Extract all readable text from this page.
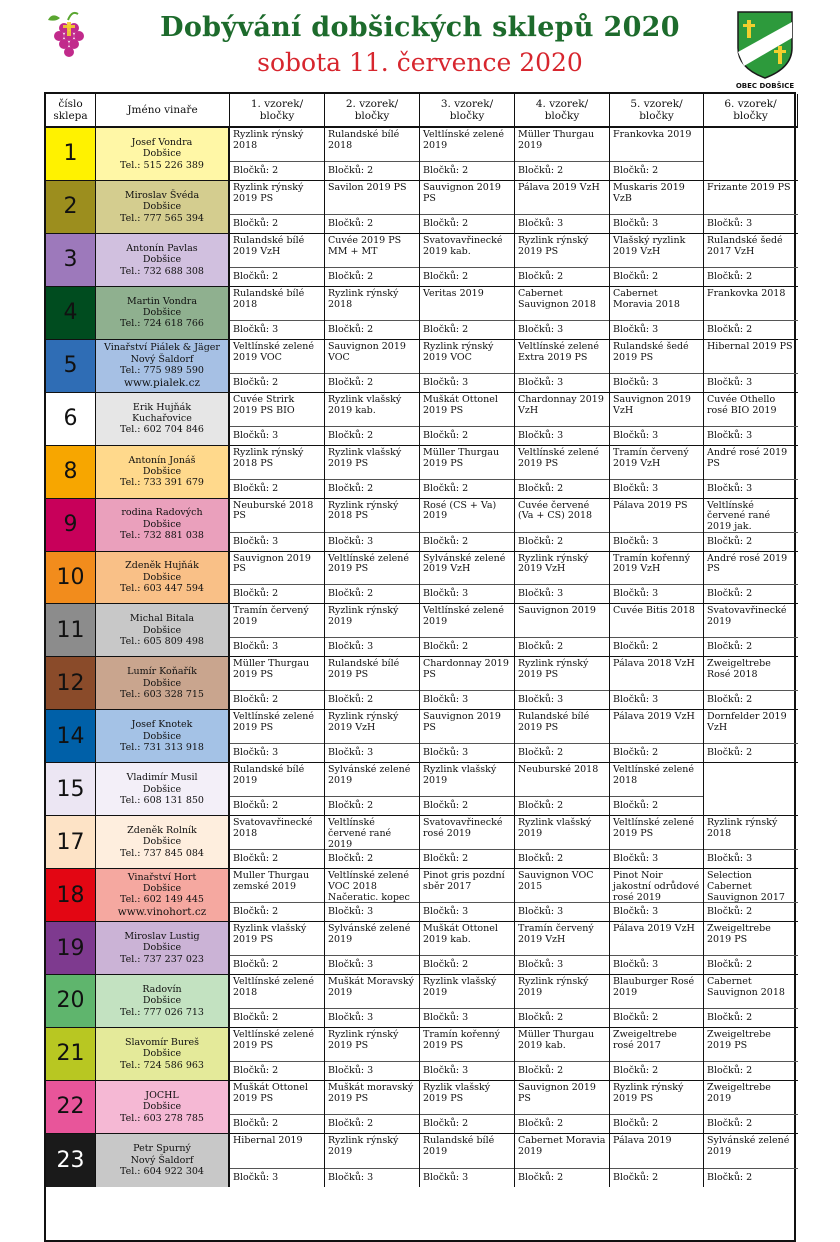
Dobývání dobšických sklepů 2020
sobota 11. července 2020
OBEC DOBŠICE
číslo sklepa
Jméno vinaře
1. vzorek/ bločky
2. vzorek/ bločky
3. vzorek/ bločky
4. vzorek/ bločky
5. vzorek/ bločky
6. vzorek/ bločky
1	Josef Vondra
Dobšice
Tel.: 515 226 389
Ryzlink rýnský 2018
Bločků: 2
Rulandské bílé 2018
Bločků: 2
Veltlínské zelené 2019
Bločků: 2
Müller Thurgau 2019
Bločků: 2
Frankovka 2019
Bločků: 2
2	Miroslav Švéda
Dobšice
Tel.: 777 565 394
Ryzlink rýnský 2019 PS
Bločků: 2
Savilon 2019 PS
Bločků: 2
Sauvignon 2019 PS
Bločků: 2
Pálava 2019 VzH
Bločků: 3
Muskaris 2019 VzB
Bločků: 3
Frizante 2019 PS
Bločků: 3
3	Antonín Pavlas
Dobšice
Tel.: 732 688 308
Rulandské bílé 2019 VzH
Bločků: 2
Cuvée 2019 PS MM + MT
Bločků: 2
Svatovavřinecké 2019 kab.
Bločků: 2
Ryzlink rýnský 2019 PS
Bločků: 2
Vlašský ryzlink 2019 VzH
Bločků: 2
Rulandské šedé 2017 VzH
Bločků: 2
4	Martin Vondra
Dobšice
Tel.: 724 618 766
Rulandské bílé 2018
Bločků: 3
Ryzlink rýnský 2018
Bločků: 2
Veritas 2019
Bločků: 2
Cabernet Sauvignon 2018
Bločků: 3
Cabernet Moravia 2018
Bločků: 3
Frankovka 2018
Bločků: 2
5
Vinařství Piálek & Jäger
Nový Šaldorf
Tel.: 775 989 590
www.pialek.cz
Veltlínské zelené 2019 VOC
Bločků: 2
Sauvignon 2019 VOC
Bločků: 2
Ryzlink rýnský 2019 VOC
Bločků: 3
Veltlínské zelené Extra 2019 PS
Bločků: 3
Rulandské šedé 2019 PS
Bločků: 3
Hibernal 2019 PS
Bločků: 3
6	Erik Hujňák
Kuchařovice
Tel.: 602 704 846
Cuvée Strirk 2019 PS BIO
Bločků: 3
Ryzlink vlašský 2019 kab.
Bločků: 2
Muškát Ottonel 2019 PS
Bločků: 2
Chardonnay 2019 VzH
Bločků: 3
Sauvignon 2019 VzH
Bločků: 3
Cuvée Othello rosé BIO 2019
Bločků: 3
8	Antonín Jonáš
Dobšice
Tel.: 733 391 679
Ryzlink rýnský 2018 PS
Bločků: 2
Ryzlink vlašský 2019 PS
Bločků: 2
Müller Thurgau 2019 PS
Bločků: 2
Veltlínské zelené 2019 PS
Bločků: 2
Tramín červený 2019 VzH
Bločků: 3
André rosé 2019 PS
Bločků: 3
9	rodina Radových
Dobšice
Tel.: 732 881 038
Neuburské 2018 PS
Bločků: 3
Ryzlink rýnský 2018 PS
Bločků: 3
Rosé (CS + Va) 2019
Bločků: 2
Cuvée červené (Va + CS) 2018
Bločků: 2
Pálava 2019 PS
Bločků: 3
Veltlínské červené rané 2019 jak.
Bločků: 2
10	Zdeněk Hujňák
Dobšice
Tel.: 603 447 594
Sauvignon 2019 PS
Bločků: 2
Veltlínské zelené 2019 PS
Bločků: 2
Sylvánské zelené 2019 VzH
Bločků: 3
Ryzlink rýnský 2019 VzH
Bločků: 3
Tramín kořenný 2019 VzH
Bločků: 3
André rosé 2019 PS
Bločků: 2
11	Michal Bitala
Dobšice
Tel.: 605 809 498
Tramín červený 2019
Bločků: 3
Ryzlink rýnský 2019
Bločků: 3
Veltlínské zelené 2019
Bločků: 2
Sauvignon 2019
Bločků: 2
Cuvée Bitis 2018
Bločků: 2
Svatovavřinecké 2019
Bločků: 2
12	Lumír Koňařík
Dobšice
Tel.: 603 328 715
Müller Thurgau 2019 PS
Bločků: 2
Rulandské bílé 2019 PS
Bločků: 2
Chardonnay 2019 PS
Bločků: 3
Ryzlink rýnský 2019 PS
Bločků: 3
Pálava 2018 VzH
Bločků: 3
Zweigeltrebe Rosé 2018
Bločků: 2
14	Josef Knotek
Dobšice
Tel.: 731 313 918
Veltlínské zelené 2019 PS
Bločků: 3
Ryzlink rýnský 2019 VzH
Bločků: 3
Sauvignon 2019 PS
Bločků: 3
Rulandské bílé 2019 PS
Bločků: 2
Pálava 2019 VzH
Bločků: 2
Dornfelder 2019 VzH
Bločků: 2
15	Vladimír Musil
Dobšice
Tel.: 608 131 850
Rulandské bílé 2019
Bločků: 2
Sylvánské zelené 2019
Bločků: 2
Ryzlink vlašský 2019
Bločků: 2
Neuburské 2018
Bločků: 2
Veltlínské zelené 2018
Bločků: 2
17	Zdeněk Rolník
Dobšice
Tel.: 737 845 084
Svatovavřinecké 2018
Bločků: 2
Veltlínské červené rané 2019
Bločků: 2
Svatovavřinecké rosé 2019
Bločků: 2
Ryzlink vlašský 2019
Bločků: 2
Veltlínské zelené 2019 PS
Bločků: 3
Ryzlink rýnský 2018
Bločků: 3
18
Vinařství Hort
Dobšice
Tel.: 602 149 445
www.vinohort.cz
Muller Thurgau zemské 2019
Bločků: 2
Veltlínské zelené VOC 2018 Načeratic. kopec
Bločků: 3
Pinot gris pozdní sběr 2017
Bločků: 3
Sauvignon VOC 2015
Bločků: 3
Pinot Noir jakostní odrůdové rosé 2019
Bločků: 3
Selection Cabernet Sauvignon 2017
Bločků: 2
19	Miroslav Lustig
Dobšice
Tel.: 737 237 023
Ryzlink vlašský 2019 PS
Bločků: 2
Sylvánské zelené 2019
Bločků: 3
Muškát Ottonel 2019 kab.
Bločků: 2
Tramín červený 2019 VzH
Bločků: 3
Pálava 2019 VzH
Bločků: 3
Zweigeltrebe 2019 PS
Bločků: 2
20	Radovín
Dobšice
Tel.: 777 026 713
Veltlínské zelené 2018
Bločků: 2
Muškát Moravský 2019
Bločků: 3
Ryzlink vlašský 2019
Bločků: 3
Ryzlink rýnský 2019
Bločků: 2
Blauburger Rosé 2019
Bločků: 2
Cabernet Sauvignon 2018
Bločků: 2
21	Slavomír Bureš
Dobšice
Tel.: 724 586 963
Veltlínské zelené 2019 PS
Bločků: 2
Ryzlink rýnský 2019 PS
Bločků: 3
Tramín kořenný 2019 PS
Bločků: 3
Müller Thurgau 2019 kab.
Bločků: 2
Zweigeltrebe rosé 2017
Bločků: 2
Zweigeltrebe 2019 PS
Bločků: 2
22	JOCHL
Dobšice
Tel.: 603 278 785
Muškát Ottonel 2019 PS
Bločků: 2
Muškát moravský 2019 PS
Bločků: 2
Ryzlik vlašský 2019 PS
Bločků: 2
Sauvignon 2019 PS
Bločků: 2
Ryzlink rýnský 2019 PS
Bločků: 2
Zweigeltrebe 2019
Bločků: 2
23	Petr Spurný
Nový Šaldorf
Tel.: 604 922 304
Hibernal 2019
Bločků: 3
Ryzlink rýnský 2019
Bločků: 3
Rulandské bílé 2019
Bločků: 3
Cabernet Moravia 2019
Bločků: 2
Pálava 2019
Bločků: 2
Sylvánské zelené 2019
Bločků: 2
